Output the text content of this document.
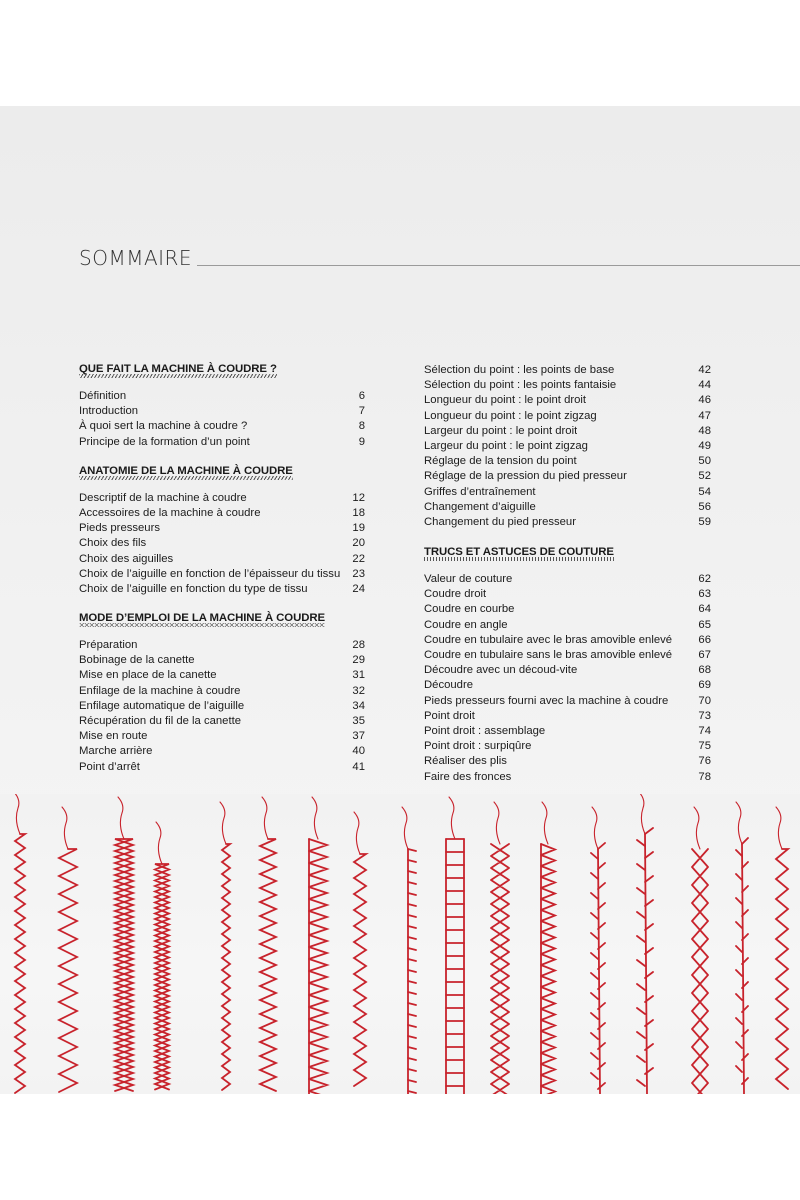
SOMMAIRE
QUE FAIT LA MACHINE À COUDRE ?
Définition	6
Introduction	7
À quoi sert la machine à coudre ?	8
Principe de la formation d’un point	9
ANATOMIE DE LA MACHINE À COUDRE
Descriptif de la machine à coudre	12
Accessoires de la machine à coudre	18
Pieds presseurs	19
Choix des fils	20
Choix des aiguilles	22
Choix de l’aiguille en fonction de l’épaisseur du tissu	23
Choix de l’aiguille en fonction du type de tissu	24
MODE D’EMPLOI DE LA MACHINE À COUDRE
Préparation	28
Bobinage de la canette	29
Mise en place de la canette	31
Enfilage de la machine à coudre	32
Enfilage automatique de l’aiguille	34
Récupération du fil de la canette	35
Mise en route	37
Marche arrière	40
Point d’arrêt	41
Sélection du point : les points de base	42
Sélection du point : les points fantaisie	44
Longueur du point : le point droit	46
Longueur du point : le point zigzag	47
Largeur du point : le point droit	48
Largeur du point : le point zigzag	49
Réglage de la tension du point	50
Réglage de la pression du pied presseur	52
Griffes d’entraînement	54
Changement d’aiguille	56
Changement du pied presseur	59
TRUCS ET ASTUCES DE COUTURE
Valeur de couture	62
Coudre droit	63
Coudre en courbe	64
Coudre en angle	65
Coudre en tubulaire avec le bras amovible enlevé	66
Coudre en tubulaire sans le bras amovible enlevé	67
Découdre avec un découd-vite	68
Découdre	69
Pieds presseurs fourni avec la machine à coudre	70
Point droit	73
Point droit : assemblage	74
Point droit : surpiqûre	75
Réaliser des plis	76
Faire des fronces	78
